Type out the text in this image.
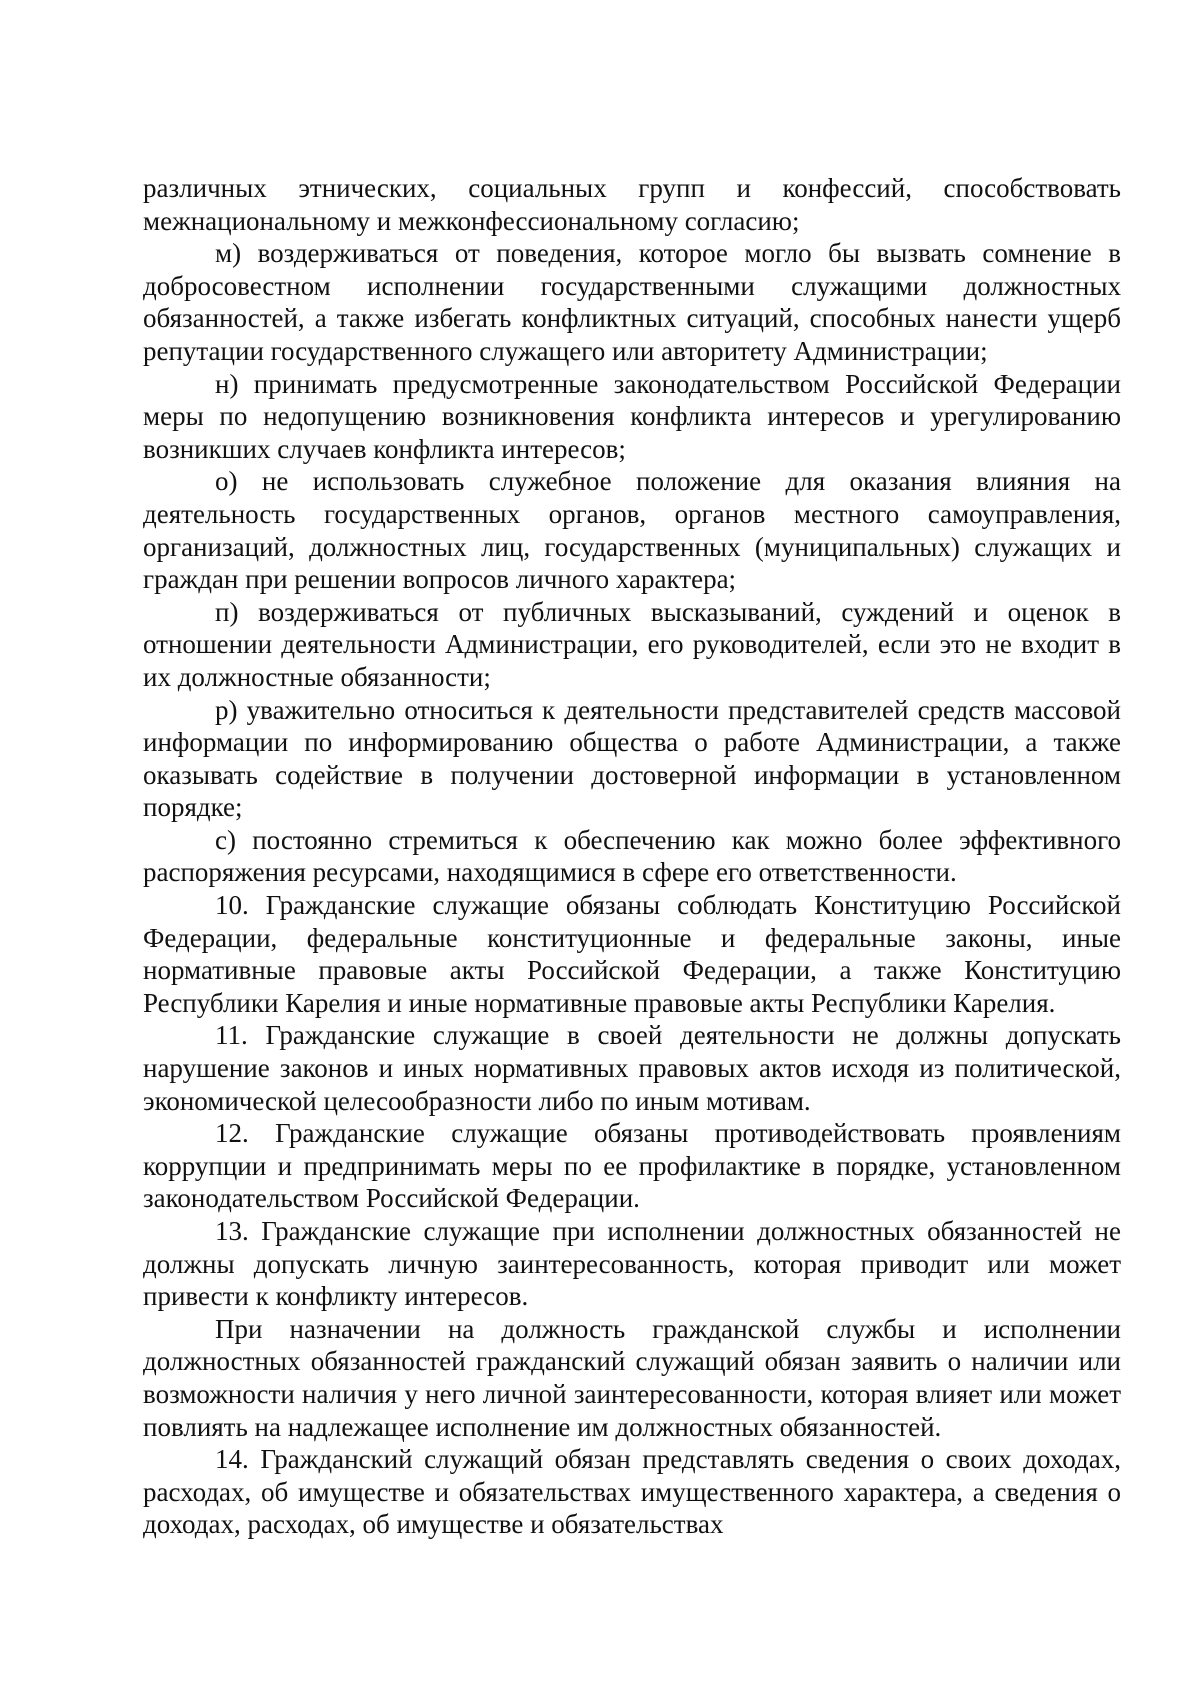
различных этнических, социальных групп и конфессий, способствовать межнациональному и межконфессиональному согласию;

м) воздерживаться от поведения, которое могло бы вызвать сомнение в добросовестном исполнении государственными служащими должностных обязанностей, а также избегать конфликтных ситуаций, способных нанести ущерб репутации государственного служащего или авторитету Администрации;

н) принимать предусмотренные законодательством Российской Федерации меры по недопущению возникновения конфликта интересов и урегулированию возникших случаев конфликта интересов;

о) не использовать служебное положение для оказания влияния на деятельность государственных органов, органов местного самоуправления, организаций, должностных лиц, государственных (муниципальных) служащих и граждан при решении вопросов личного характера;

п) воздерживаться от публичных высказываний, суждений и оценок в отношении деятельности Администрации, его руководителей, если это не входит в их должностные обязанности;

р) уважительно относиться к деятельности представителей средств массовой информации по информированию общества о работе Администрации, а также оказывать содействие в получении достоверной информации в установленном порядке;

с) постоянно стремиться к обеспечению как можно более эффективного распоряжения ресурсами, находящимися в сфере его ответственности.

10. Гражданские служащие обязаны соблюдать Конституцию Российской Федерации, федеральные конституционные и федеральные законы, иные нормативные правовые акты Российской Федерации, а также Конституцию Республики Карелия и иные нормативные правовые акты Республики Карелия.

11. Гражданские служащие в своей деятельности не должны допускать нарушение законов и иных нормативных правовых актов исходя из политической, экономической целесообразности либо по иным мотивам.

12. Гражданские служащие обязаны противодействовать проявлениям коррупции и предпринимать меры по ее профилактике в порядке, установленном законодательством Российской Федерации.

13. Гражданские служащие при исполнении должностных обязанностей не должны допускать личную заинтересованность, которая приводит или может привести к конфликту интересов.

При назначении на должность гражданской службы и исполнении должностных обязанностей гражданский служащий обязан заявить о наличии или возможности наличия у него личной заинтересованности, которая влияет или может повлиять на надлежащее исполнение им должностных обязанностей.

14. Гражданский служащий обязан представлять сведения о своих доходах, расходах, об имуществе и обязательствах имущественного характера, а сведения о доходах, расходах, об имуществе и обязательствах
